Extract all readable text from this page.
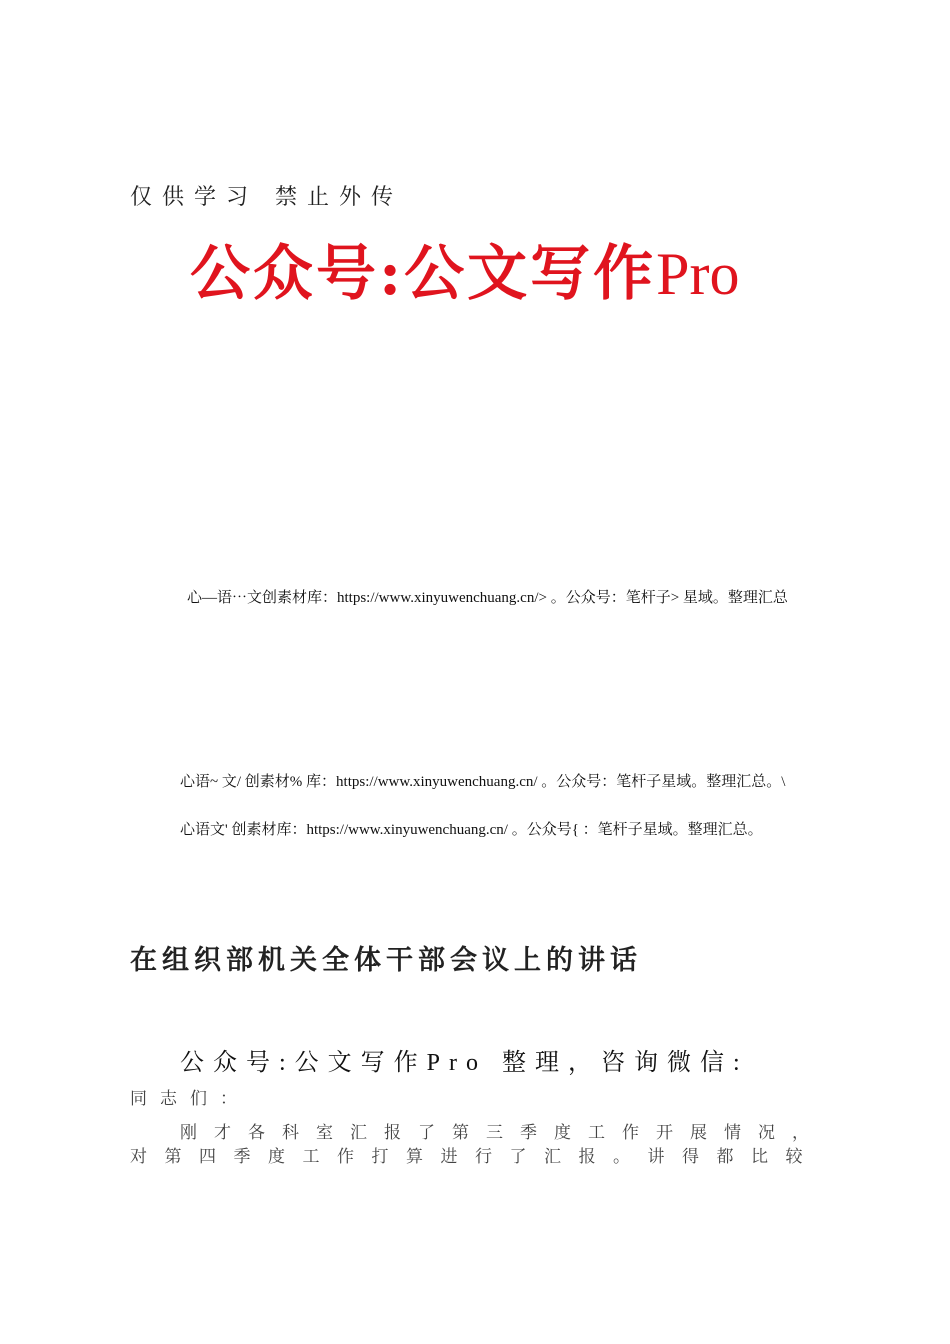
仅供学习 禁止外传
公众号:公文写作Pro
心—语⋯文创素材库：https://www.xinyuwenchuang.cn/> 。公众号：笔杆子> 星域。整理汇总
心语~ 文/ 创素材% 库：https://www.xinyuwenchuang.cn/ 。公众号：笔杆子星域。整理汇总。\
心语文' 创素材库：https://www.xinyuwenchuang.cn/ 。公众号{ ：笔杆子星域。整理汇总。
在组织部机关全体干部会议上的讲话
公众号:公文写作Pro 整理，咨询微信:
同志们：
刚才各科室汇报了第三季度工作开展情况，
对第四季度工作打算进行了汇报。讲得都比较
